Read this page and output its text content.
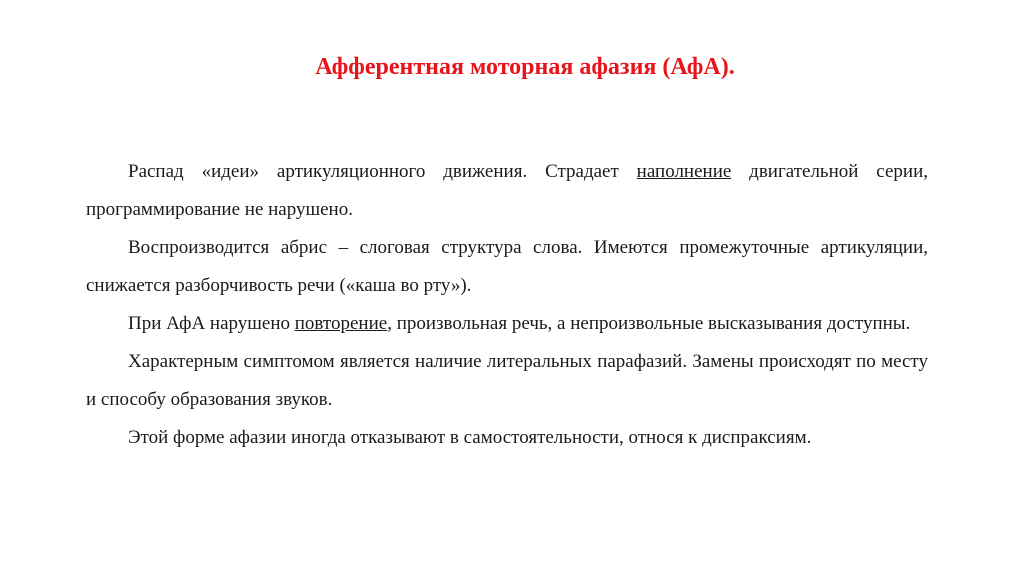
Афферентная моторная афазия (АфА).

Распад «идеи» артикуляционного движения. Страдает наполнение двигательной серии, программирование не нарушено.

Воспроизводится абрис – слоговая структура слова. Имеются промежуточные артикуляции, снижается разборчивость речи («каша во рту»).

При АфА нарушено повторение, произвольная речь, а непроизвольные высказывания доступны.

Характерным симптомом является наличие литеральных парафазий. Замены происходят по месту и способу образования звуков.

Этой форме афазии иногда отказывают в самостоятельности, относя к диспраксиям.
